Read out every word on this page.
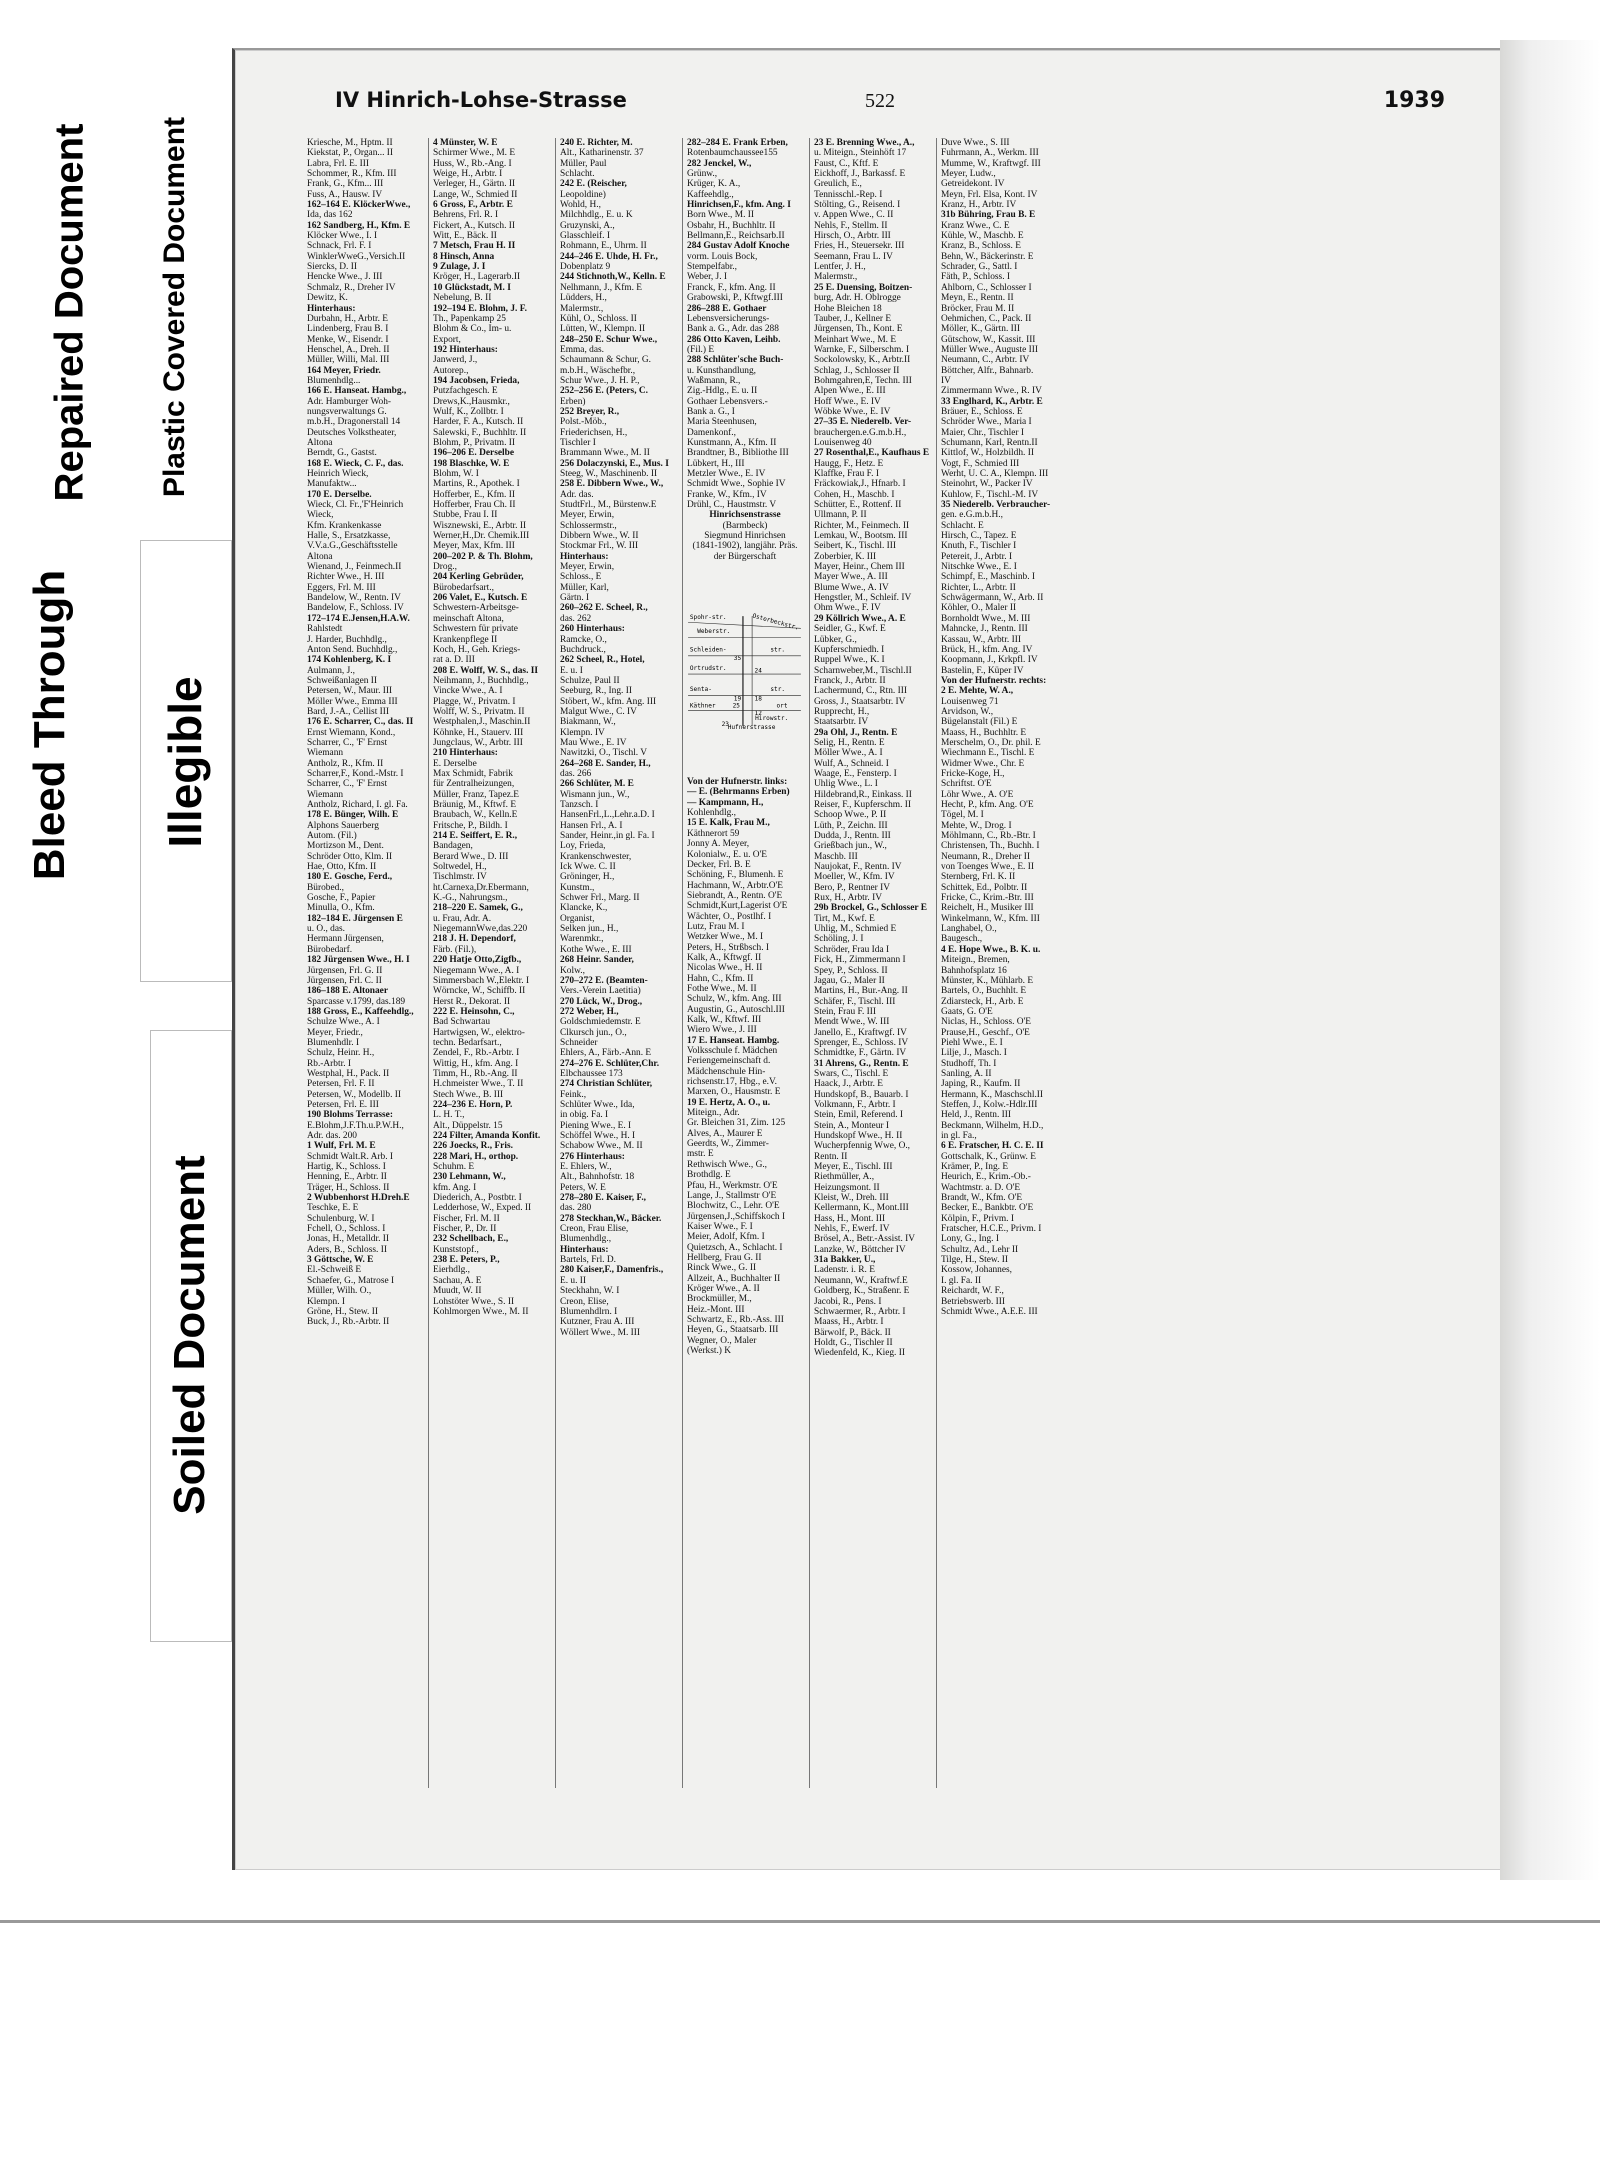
Bleed Through
Repaired Document Plastic Covered Document
Illegible
Soiled Document
IV Hinrich-Lohse-Strasse	522	1939
Kriesche, M., Hptm. II
Kiekstat, P., Organ... II
Labra, Frl. E. III
Schommer, R., Kfm. III
Frank, G., Kfm... III
Fuss, A., Hausw. IV
162–164 E. KlöckerWwe.,
Ida, das 162
162 Sandberg, H., Kfm. E
Klöcker Wwe., I. I
Schnack, Frl. F. I
WinklerWweG.,Versich.II
Siercks, D. II
Hencke Wwe., J. III
Schmalz, R., Dreher IV
Dewitz, K.
Hinterhaus:
Durbahn, H., Arbtr. E
Lindenberg, Frau B. I
Menke, W., Eisendr. I
Henschel, A., Dreh. II
Müller, Willi, Mal. III
164 Meyer, Friedr.
Blumenhdlg...
166 E. Hanseat. Hambg.,
Adr. Hamburger Woh-
nungsverwaltungs G.
m.b.H., Dragonerstall 14
Deutsches Volkstheater,
Altona
Berndt, G., Gastst.
168 E. Wieck, C. F., das.
Heinrich Wieck,
Manufaktw...
170 E. Derselbe.
Wieck, Cl. Fr.,'F'Heinrich
Wieck,
Kfm. Krankenkasse
Halle, S., Ersatzkasse,
V.V.a.G.,Geschäftsstelle
Altona
Wienand, J., Feinmech.II
Richter Wwe., H. III
Eggers, Frl. M. III
Bandelow, W., Rentn. IV
Bandelow, F., Schloss. IV
172–174 E.Jensen,H.A.W.
Rahlstedt
J. Harder, Buchhdlg.,
Anton Send. Buchhdlg.,
174 Kohlenberg, K. I
Aulmann, J.,
Schweißanlagen II
Petersen, W., Maur. III
Möller Wwe., Emma III
Bard, J.-A., Cellist III
176 E. Scharrer, C., das. II
Ernst Wiemann, Kond.,
Scharrer, C., 'F' Ernst
Wiemann
Antholz, R., Kfm. II
Scharrer,F., Kond.-Mstr. I
Scharrer, C., 'F' Ernst
Wiemann
Antholz, Richard, I. gl. Fa.
178 E. Bünger, Wilh. E
Alphons Sauerberg
Autom. (Fil.)
Mortizson M., Dent.
Schröder Otto, Klm. II
Hae, Otto, Kfm. II
180 E. Gosche, Ferd.,
Bürobed.,
Gosche, F., Papier
Minulla, O., Kfm.
182–184 E. Jürgensen E
u. O., das.
Hermann Jürgensen,
Bürobedarf.
182 Jürgensen Wwe., H. I
Jürgensen, Frl. G. II
Jürgensen, Frl. C. II
186–188 E. Altonaer
Sparcasse v.1799, das.189
188 Gross, E., Kaffeehdlg.,
Schulze Wwe., A. I
Meyer, Friedr.,
Blumenhdlr. I
Schulz, Heinr. H.,
Rb.-Arbtr. I
Westphal, H., Pack. II
Petersen, Frl. F. II
Petersen, W., Modellb. II
Petersen, Frl. E. III
190 Blohms Terrasse:
E.Blohm,J.F.Th.u.P.W.H.,
Adr. das. 200
1 Wulf, Frl. M. E
Schmidt Walt.R. Arb. I
Hartig, K., Schloss. I
Henning, E., Arbtr. II
Träger, H., Schloss. II
2 Wubbenhorst H.Dreh.E
Teschke, E. E
Schulenburg, W. I
Fchell, O., Schloss. I
Jonas, H., Metalldr. II
Aders, B., Schloss. II
3 Göttsche, W. E
El.-Schweiß E
Schaefer, G., Matrose I
Müller, Wilh. O.,
Klempn. I
Gröne, H., Stew. II
Buck, J., Rb.-Arbtr. II
4 Münster, W. E
Schirmer Wwe., M. E
Huss, W., Rb.-Ang. I
Weige, H., Arbtr. I
Verleger, H., Gärtn. II
Lange, W., Schmied II
6 Gross, F., Arbtr. E
Behrens, Frl. R. I
Fickert, A., Kutsch. II
Witt, E., Bäck. II
7 Metsch, Frau H. II
8 Hinsch, Anna
9 Zulage, J. I
Kröger, H., Lagerarb.II
10 Glückstadt, M. I
Nebelung, B. II
192–194 E. Blohm, J. F.
Th., Papenkamp 25
Blohm & Co., Im- u.
Export,
192 Hinterhaus:
Janwerd, J.,
Autorep.,
194 Jacobsen, Frieda,
Putzfachgesch. E
Drews,K.,Hausmkr.,
Wulf, K., Zollbtr. I
Harder, F. A., Kutsch. II
Salewski, F., Buchhltr. II
Blohm, P., Privatm. II
196–206 E. Derselbe
198 Blaschke, W. E
Blohm, W. I
Martins, R., Apothek. I
Hofferber, E., Kfm. II
Hofferber, Frau Ch. II
Stubbe, Frau I. II
Wisznewski, E., Arbtr. II
Werner,H.,Dr. Chemik.III
Meyer, Max, Kfm. III
200–202 P. & Th. Blohm,
Drog.,
204 Kerling Gebrüder,
Bürobedarfsart.,
206 Valet, E., Kutsch. E
Schwestern-Arbeitsge-
meinschaft Altona,
Schwestern für private
Krankenpflege II
Koch, H., Geh. Kriegs-
rat a. D. III
208 E. Wolff, W. S., das. II
Neihmann, J., Buchhdlg.,
Vincke Wwe., A. I
Plagge, W., Privatm. I
Wolff, W. S., Privatm. II
Westphalen,J., Maschin.II
Köhnke, H., Stauerv. III
Jungclaus, W., Arbtr. III
210 Hinterhaus:
E. Derselbe
Max Schmidt, Fabrik
für Zentralheizungen,
Müller, Franz, Tapez.E
Bräunig, M., Kftwf. E
Braubach, W., Kelln.E
Fritsche, P., Bildh. I
214 E. Seiffert, E. R.,
Bandagen,
Berard Wwe., D. III
Soltwedel, H.,
Tischlmstr. IV
ht.Carnexa,Dr.Ebermann,
K.-G., Nahrungsm.,
218–220 E. Samek, G.,
u. Frau, Adr. A.
NiegemannWwe,das.220
218 J. H. Dependorf,
Färb. (Fil.),
220 Hatje Otto,Zigfb.,
Niegemann Wwe., A. I
Simmersbach W.,Elektr. I
Wörncke, W., Schiffb. II
Herst R., Dekorat. II
222 E. Heinsohn, C.,
Bad Schwartau
Hartwigsen, W., elektro-
techn. Bedarfsart.,
Zendel, F., Rb.-Arbtr. I
Wittig, H., kfm. Ang. I
Timm, H., Rb.-Ang. II
H.chmeister Wwe., T. II
Stech Wwe., B. III
224–236 E. Horn, P.
L. H. T.,
Alt., Düppelstr. 15
224 Filter, Amanda Konfit.
226 Joecks, R., Fris.
228 Mari, H., orthop.
Schuhm. E
230 Lehmann, W.,
kfm. Ang. I
Diederich, A., Postbtr. I
Ledderhose, W., Exped. II
Fischer, Frl. M. II
Fischer, P., Dr. II
232 Schellbach, E.,
Kunststopf.,
238 E. Peters, P.,
Eierhdlg.,
Sachau, A. E
Muudt, W. II
Lohstöter Wwe., S. II
Kohlmorgen Wwe., M. II
240 E. Richter, M.
Alt., Katharinenstr. 37
Müller, Paul
Schlacht.
242 E. (Reischer,
Leopoldine)
Wohld, H.,
Milchhdlg., E. u. K
Gruzynski, A.,
Glasschleif. I
Rohmann, E., Uhrm. II
244–246 E. Uhde, H. Fr.,
Dobenplatz 9
244 Stichnoth,W., Kelln. E
Nelhmann, J., Kfm. E
Lüdders, H.,
Malermstr.,
Kühl, O., Schloss. II
Lütten, W., Klempn. II
248–250 E. Schur Wwe.,
Emma, das.
Schaumann & Schur, G.
m.b.H., Wäschefbr.,
Schur Wwe., J. H. P.,
252–256 E. (Peters, C.
Erben)
252 Breyer, R.,
Polst.-Möb.,
Friederichsen, H.,
Tischler I
Brammann Wwe., M. II
256 Dolaczynski, E., Mus. I
Steeg, W., Maschinenb. II
258 E. Dibbern Wwe., W.,
Adr. das.
StudtFrl., M., Bürstenw.E
Meyer, Erwin,
Schlossermstr.,
Dibbern Wwe., W. II
Stockmar Frl., W. III
Hinterhaus:
Meyer, Erwin,
Schloss., E
Müller, Karl,
Gärtn. I
260–262 E. Scheel, R.,
das. 262
260 Hinterhaus:
Ramcke, O.,
Buchdruck.,
262 Scheel, R., Hotel,
E. u. I
Schulze, Paul II
Seeburg, R., Ing. II
Stöbert, W., kfm. Ang. III
Malgut Wwe., C. IV
Biakmann, W.,
Klempn. IV
Mau Wwe., E. IV
Nawitzki, O., Tischl. V
264–268 E. Sander, H.,
das. 266
266 Schlüter, M. E
Wismann jun., W.,
Tanzsch. I
HansenFrl.,L.,Lehr.a.D. I
Hansen Frl., A. I
Sander, Heinr.,in gl. Fa. I
Loy, Frieda,
Krankenschwester,
Ick Wwe. C. II
Gröninger, H.,
Kunstm.,
Schwer Frl., Marg. II
Klancke, K.,
Organist,
Selken jun., H.,
Warenmkr.,
Kothe Wwe., E. III
268 Heinr. Sander,
Kolw.,
270–272 E. (Beamten-
Vers.-Verein Laetitia)
270 Lück, W., Drog.,
272 Weber, H.,
Goldschmiedemstr. E
Clkursch jun., O.,
Schneider
Ehlers, A., Färb.-Ann. E
274–276 E. Schlüter,Chr.
Elbchaussee 173
274 Christian Schlüter,
Feink.,
Schlüter Wwe., Ida,
in obig. Fa. I
Piening Wwe., E. I
Schöffel Wwe., H. I
Schabow Wwe., M. II
276 Hinterhaus:
E. Ehlers, W.,
Alt., Bahnhofstr. 18
Peters, W. E
278–280 E. Kaiser, F.,
das. 280
278 Steckhan,W., Bäcker.
Creon, Frau Elise,
Blumenhdlg.,
Hinterhaus:
Bartels, Frl. D.
280 Kaiser,F., Damenfris.,
E. u. II
Steckhahn, W. I
Creon, Elise,
Blumenhdlrn. I
Kutzner, Frau A. III
Wöllert Wwe., M. III
282–284 E. Frank Erben,
Rotenbaumchaussee155
282 Jenckel, W.,
Grünw.,
Krüger, K. A.,
Kaffeehdlg.,
Hinrichsen,F., kfm. Ang. I
Born Wwe., M. II
Osbahr, H., Buchhltr. II
Bellmann,E., Reichsarb.II
284 Gustav Adolf Knoche
vorm. Louis Bock,
Stempelfabr.,
Weber, J. I
Franck, F., kfm. Ang. II
Grabowski, P., Kftwgf.III
286–288 E. Gothaer
Lebensversicherungs-
Bank a. G., Adr. das 288
286 Otto Kaven, Leihb.
(Fil.) E
288 Schlüter'sche Buch-
u. Kunsthandlung,
Waßmann, R.,
Zig.-Hdlg., E. u. II
Gothaer Lebensvers.-
Bank a. G., I
Maria Steenhusen,
Damenkonf.,
Kunstmann, A., Kfm. II
Brandtner, B., Bibliothe III
Lübkert, H., III
Metzler Wwe., E. IV
Schmidt Wwe., Sophie IV
Franke, W., Kfm., IV
Drühl, C., Haustmstr. V
Hinrichsenstrasse
(Barmbeck)
Siegmund Hinrichsen
(1841-1902), langjähr. Präs.
der Bürgerschaft
Von der Hufnerstr. links:
— E. (Behrmanns Erben)
— Kampmann, H.,
Kohlenhdlg.,
15 E. Kalk, Frau M.,
Käthnerort 59
Jonny A. Meyer,
Kolonialw., E. u. O'E
Decker, Frl. B. E
Schöning, F., Blumenh. E
Hachmann, W., Arbtr.O'E
Siebrandt, A., Rentn. O'E
Schmidt,Kurt,Lagerist O'E
Wächter, O., Postlhf. I
Lutz, Frau M. I
Wetzker Wwe., M. I
Peters, H., Strßbsch. I
Kalk, A., Kftwgf. II
Nicolas Wwe., H. II
Hahn, C., Kfm. II
Fothe Wwe., M. II
Schulz, W., kfm. Ang. III
Augustin, G., Autoschl.III
Kalk, W., Kftwf. III
Wiero Wwe., J. III
17 E. Hanseat. Hambg.
Volksschule f. Mädchen
Feriengemeinschaft d.
Mädchenschule Hin-
richsenstr.17, Hbg., e.V.
Marxen, O., Hausmstr. E
19 E. Hertz, A. O., u.
Miteign., Adr.
Gr. Bleichen 31, Zim. 125
Alves, A., Maurer E
Geerdts, W., Zimmer-
mstr. E
Rethwisch Wwe., G.,
Brothdlg. E
Pfau, H., Werkmstr. O'E
Lange, J., Stallmstr O'E
Blochwitz, C., Lehr. O'E
Jürgensen,J.,Schiffskoch I
Kaiser Wwe., F. I
Meier, Adolf, Kfm. I
Quietzsch, A., Schlacht. I
Hellberg, Frau G. II
Rinck Wwe., G. II
Allzeit, A., Buchhalter II
Kröger Wwe., A. II
Brockmüller, M.,
Heiz.-Mont. III
Schwartz, E., Rb.-Ass. III
Heyen, G., Staatsarb. III
Wegner, O., Maler
(Werkst.) K
23 E. Brenning Wwe., A.,
u. Miteign., Steinhöft 17
Faust, C., Kftf. E
Eickhoff, J., Barkassf. E
Greulich, E.,
Tennisschl.-Rep. I
Stölting, G., Reisend. I
v. Appen Wwe., C. II
Nehls, F., Stellm. II
Hirsch, O., Arbtr. III
Fries, H., Steuersekr. III
Seemann, Frau L. IV
Lentfer, J. H.,
Malermstr.,
25 E. Duensing, Boitzen-
burg, Adr. H. Oblrogge
Hohe Bleichen 18
Tauber, J., Kellner E
Jürgensen, Th., Kont. E
Meinhart Wwe., M. E
Warnke, F., Silberschm. I
Sockolowsky, K., Arbtr.II
Schlag, J., Schlosser II
Bohmgahren,E, Techn. III
Alpen Wwe., E. III
Hoff Wwe., E. IV
Wöbke Wwe., E. IV
27–35 E. Niederelb. Ver-
brauchergen.e.G.m.b.H.,
Louisenweg 40
27 Rosenthal,E., Kaufhaus E
Haugg, F., Hetz. E
Klaffke, Frau F. I
Fräckowiak,J., Hfnarb. I
Cohen, H., Maschb. I
Schütter, E., Rottenf. II
Ullmann, P. II
Richter, M., Feinmech. II
Lemkau, W., Bootsm. III
Seibert, K., Tischl. III
Zoberbier, K. III
Mayer, Heinr., Chem III
Mayer Wwe., A. III
Blume Wwe., A. IV
Hengstler, M., Schleif. IV
Ohm Wwe., F. IV
29 Köllrich Wwe., A. E
Seidler, G., Kwf. E
Lübker, G.,
Kupferschmiedh. I
Ruppel Wwe., K. I
Scharnweber,M., Tischl.II
Franck, J., Arbtr. II
Lachermund, C., Rtn. III
Gross, J., Staatsarbtr. IV
Rupprecht, H.,
Staatsarbtr. IV
29a Ohl, J., Rentn. E
Selig, H., Rentn. E
Möller Wwe., A. I
Wulf, A., Schneid. I
Waage, E., Fensterp. I
Uhlig Wwe., L. I
Hildebrand,R., Einkass. II
Reiser, F., Kupferschm. II
Schoop Wwe., P. II
Lüth, P., Zeichn. III
Dudda, J., Rentn. III
Grießbach jun., W.,
Maschb. III
Naujokat, F., Rentn. IV
Moeller, W., Kfm. IV
Bero, P., Rentner IV
Rux, H., Arbtr. IV
29b Brockel, G., Schlosser E
Tirt, M., Kwf. E
Uhlig, M., Schmied E
Schöling, J. I
Schröder, Frau Ida I
Fick, H., Zimmermann I
Spey, P., Schloss. II
Jagau, G., Maler II
Martins, H., Bur.-Ang. II
Schäfer, F., Tischl. III
Stein, Frau F. III
Mendt Wwe., W. III
Janello, E., Kraftwgf. IV
Sprenger, E., Schloss. IV
Schmidtke, F., Gärtn. IV
31 Ahrens, G., Rentn. E
Swars, C., Tischl. E
Haack, J., Arbtr. E
Hundskopf, B., Bauarb. I
Volkmann, F., Arbtr. I
Stein, Emil, Referend. I
Stein, A., Monteur I
Hundskopf Wwe., H. II
Wucherpfennig Wwe, O.,
Rentn. II
Meyer, E., Tischl. III
Riethmüller, A.,
Heizungsmont. II
Kleist, W., Dreh. III
Kellermann, K., Mont.III
Hass, H., Mont. III
Nehls, F., Ewerf. IV
Brösel, A., Betr.-Assist. IV
Lanzke, W., Böttcher IV
31a Bakker, U.,
Ladenstr. i. R. E
Neumann, W., Kraftwf.E
Goldberg, K., Straßenr. E
Jacobi, R., Pens. I
Schwaermer, R., Arbtr. I
Maass, H., Arbtr. I
Bärwolf, P., Bäck. II
Holdt, G., Tischler II
Wiedenfeld, K., Kieg. II
Duve Wwe., S. III
Fuhrmann, A., Werkm. III
Mumme, W., Kraftwgf. III
Meyer, Ludw.,
Getreidekont. IV
Meyn, Frl. Elsa, Kont. IV
Kranz, H., Arbtr. IV
31b Bühring, Frau B. E
Kranz Wwe., C. E
Kühle, W., Maschb. E
Kranz, B., Schloss. E
Behn, W., Bäckerinstr. E
Schrader, G., Sattl. I
Fäth, P., Schloss. I
Ahlborn, C., Schlosser I
Meyn, E., Rentn. II
Bröcker, Frau M. II
Oehmichen, C., Pack. II
Möller, K., Gärtn. III
Gütschow, W., Kassit. III
Müller Wwe., Auguste III
Neumann, C., Arbtr. IV
Böttcher, Alfr., Bahnarb.
IV
Zimmermann Wwe., R. IV
33 Englhard, K., Arbtr. E
Bräuer, E., Schloss. E
Schröder Wwe., Maria I
Maier, Chr., Tischler I
Schumann, Karl, Rentn.II
Kittlof, W., Holzbildh. II
Vogt, F., Schmied III
Werht, U. C. A., Klempn. III
Steinohrt, W., Packer IV
Kuhlow, F., Tischl.-M. IV
35 Niederelb. Verbraucher-
gen. e.G.m.b.H.,
Schlacht. E
Hirsch, C., Tapez. E
Knuth, F., Tischler I
Petereit, J., Arbtr. I
Nitschke Wwe., E. I
Schimpf, E., Maschinb. I
Richter, L., Arbtr. II
Schwägermann, W., Arb. II
Köhler, O., Maler II
Bornholdt Wwe., M. III
Mahncke, J., Rentn. III
Kassau, W., Arbtr. III
Brück, H., kfm. Ang. IV
Koopmann, J., Krkpfl. IV
Bastelin, F., Küper IV
Von der Hufnerstr. rechts:
2 E. Mehte, W. A.,
Louisenweg 71
Arvidson, W.,
Bügelanstalt (Fil.) E
Maass, H., Buchhltr. E
Merschelm, O., Dr. phil. E
Wiechmann E., Tischl. E
Widmer Wwe., Chr. E
Fricke-Koge, H.,
Schriftst. O'E
Löhr Wwe., A. O'E
Hecht, P., kfm. Ang. O'E
Tögel, M. I
Mehte, W., Drog. I
Möhlmann, C., Rb.-Btr. I
Christensen, Th., Buchh. I
Neumann, R., Dreher II
von Toenges Wwe., E. II
Sternberg, Frl. K. II
Schittek, Ed., Polbtr. II
Fricke, C., Krim.-Btr. III
Reichelt, H., Musiker III
Winkelmann, W., Kfm. III
Langhabel, O.,
Baugesch.,
4 E. Hope Wwe., B. K. u.
Miteign., Bremen,
Bahnhofsplatz 16
Münster, K., Mühlarb. E
Bartels, O., Buchhlt. E
Zdiarsteck, H., Arb. E
Gaats, G. O'E
Niclas, H., Schloss. O'E
Prause,H., Geschf., O'E
Piehl Wwe., E. I
Lilje, J., Masch. I
Studhoff, Th. I
Sanling, A. II
Japing, R., Kaufm. II
Hermann, K., Maschschl.II
Steffen, J., Kolw.-Hdlr.III
Held, J., Rentn. III
Beckmann, Wilhelm, H.D.,
in gl. Fa.,
6 E. Fratscher, H. C. E. II
Gottschalk, K., Grünw. E
Krämer, P., Ing. E
Heurich, E., Krim.-Ob.-
Wachtmstr. a. D. O'E
Brandt, W., Kfm. O'E
Becker, E., Bankbtr. O'E
Kölpin, F., Privm. I
Fratscher, H.C.E., Privm. I
Lony, G., Ing. I
Schultz, Ad., Lehr II
Tilge, H., Stew. II
Kossow, Johannes,
I. gl. Fa. II
Reichardt, W. F.,
Betriebswerb. III
Schmidt Wwe., A.E.E. III
Spohr-str.
Weberstr.
Schleiden-	str.
Ortrudstr.
Senta-	str.
Käthner	ort
Hirowstr.
Osterbeckstr.
Hufnerstrasse
35
24
19 18
25
12
23
